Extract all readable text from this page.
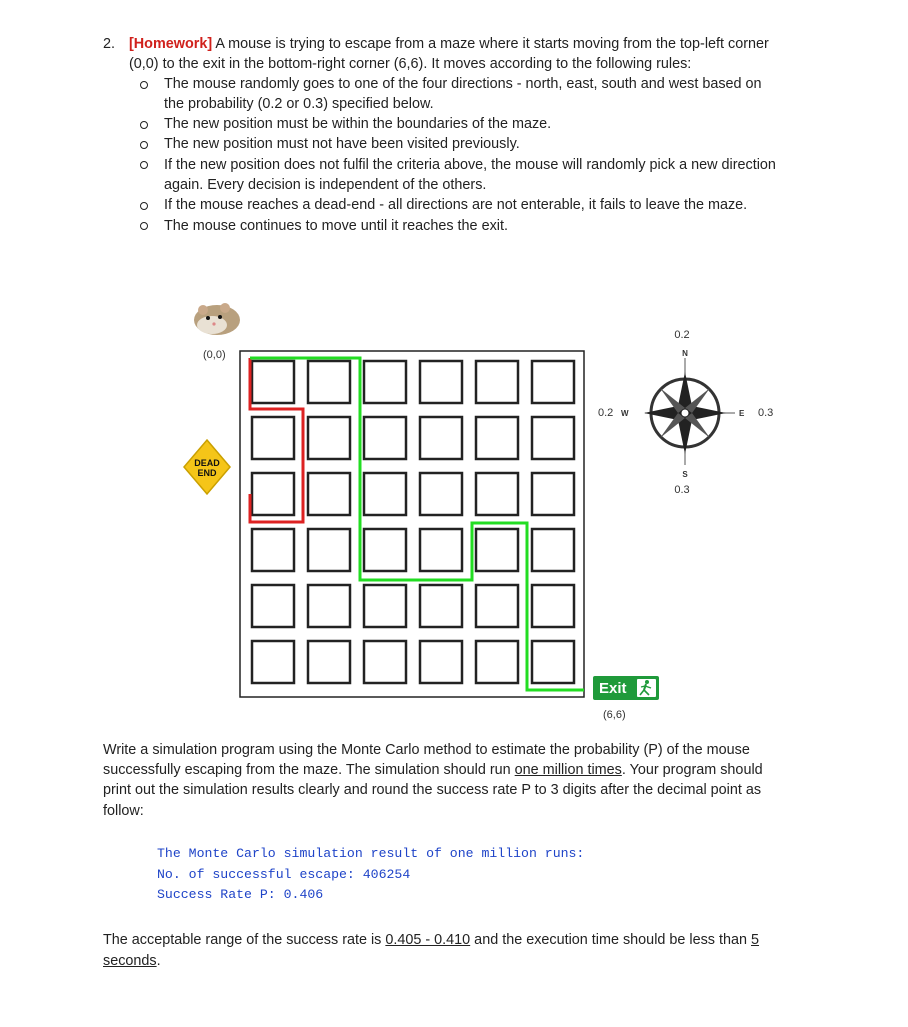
2. [Homework] A mouse is trying to escape from a maze where it starts moving from the top-left corner
(0,0) to the exit in the bottom-right corner (6,6). It moves according to the following rules:
The mouse randomly goes to one of the four directions - north, east, south and west based on
the probability (0.2 or 0.3) specified below.
The new position must be within the boundaries of the maze.
The new position must not have been visited previously.
If the new position does not fulfil the criteria above, the mouse will randomly pick a new direction
again. Every decision is independent of the others.
If the mouse reaches a dead-end - all directions are not enterable, it fails to leave the maze.
The mouse continues to move until it reaches the exit.
(0,0)
DEAD
END
0.2
N
S
0.3
0.2 W	E 0.3
Exit
(6,6)
Write a simulation program using the Monte Carlo method to estimate the probability (P) of the mouse
successfully escaping from the maze. The simulation should run one million times. Your program should
print out the simulation results clearly and round the success rate P to 3 digits after the decimal point as
follow:
The Monte Carlo simulation result of one million runs:
No. of successful escape: 406254
Success Rate P: 0.406
The acceptable range of the success rate is 0.405 - 0.410 and the execution time should be less than 5
seconds.
